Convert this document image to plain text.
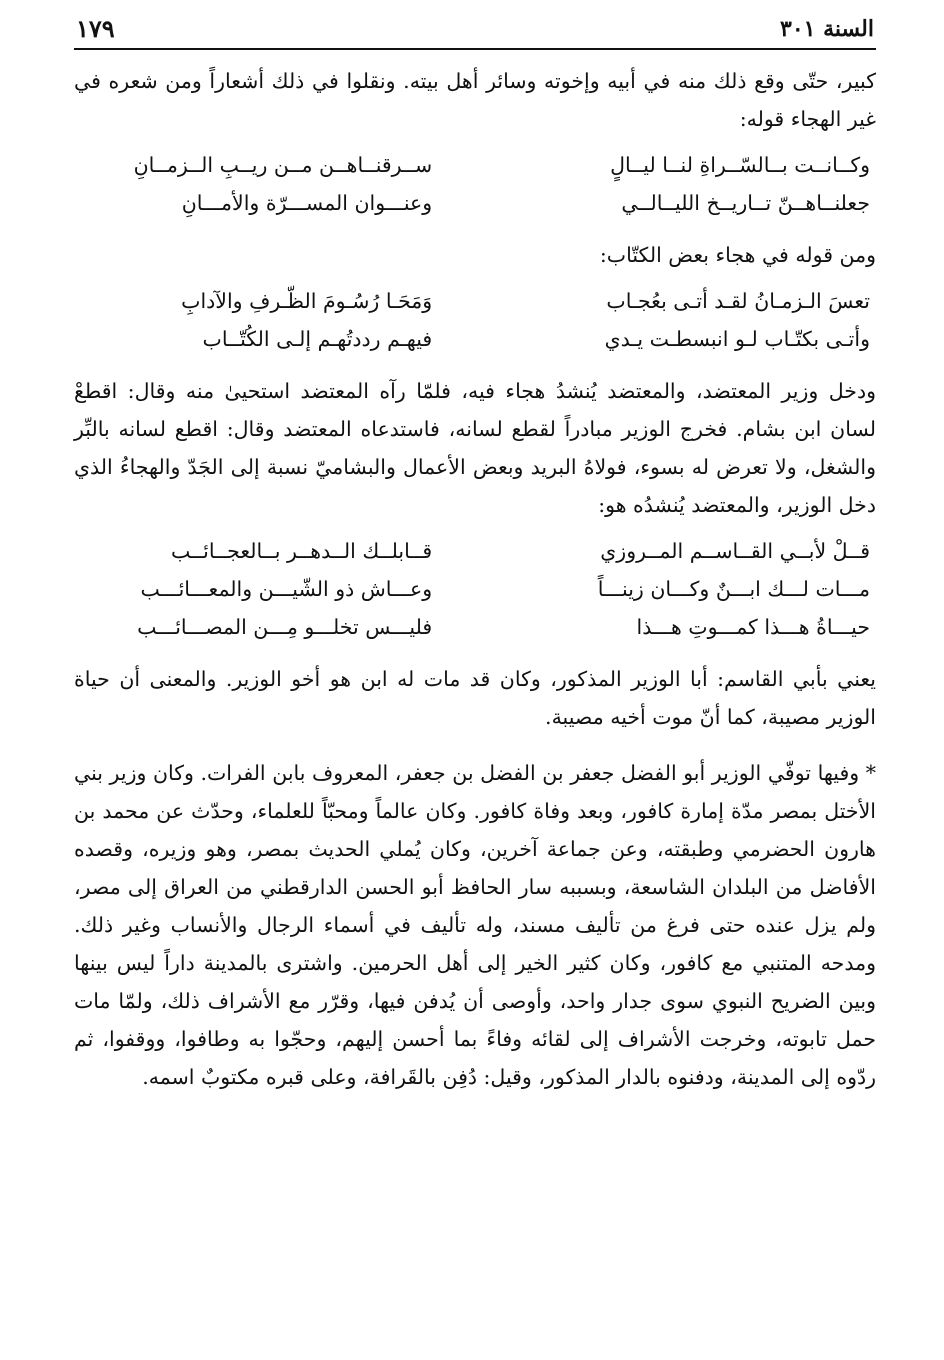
السنة ٣٠١
١٧٩

كبير، حتّى وقع ذلك منه في أبيه وإخوته وسائر أهل بيته. ونقلوا في ذلك أشعاراً ومن شعره في غير الهجاء قوله:

وكــانــت بــالسّــراةِ لنــا ليــالٍ
ســرقنــاهــن مــن ريــبِ الــزمــانِ
جعلنــاهــنّ تــاريــخ الليــالــي
وعنـــوان المســـرّة والأمـــانِ
ومن قوله في هجاء بعض الكتّاب:
تعسَ الـزمـانُ لقـد أتـى بعُجـاب
وَمَحَـا رُسُـومَ الظّـرفِ والآدابِ
وأتـى بكتّـاب لـو انبسطـت يـدي
فيهـم رددتُهـم إلـى الكُتّــاب

ودخل وزير المعتضد، والمعتضد يُنشدُ هجاء فيه، فلمّا رآه المعتضد استحيىٰ منه وقال: اقطعْ لسان ابن بشام. فخرج الوزير مبادراً لقطع لسانه، فاستدعاه المعتضد وقال: اقطع لسانه بالبِّر والشغل، ولا تعرض له بسوء، فولاهُ البريد وبعض الأعمال والبشاميّ نسبة إلى الجَدّ والهجاءُ الذي دخل الوزير، والمعتضد يُنشدُه هو:

قــلْ لأبــي القــاســم المــروزي
قــابلــك الــدهــر بــالعجــائــب
مـــات لـــك ابـــنٌ وكـــان زينـــاً
وعـــاش ذو الشّيـــن والمعـــائـــب
حيـــاةُ هـــذا كمـــوتِ هـــذا
فليـــس تخلـــو مِـــن المصـــائـــب

يعني بأبي القاسم: أبا الوزير المذكور، وكان قد مات له ابن هو أخو الوزير. والمعنى أن حياة الوزير مصيبة، كما أنّ موت أخيه مصيبة.

* وفيها توفّي الوزير أبو الفضل جعفر بن الفضل بن جعفر، المعروف بابن الفرات. وكان وزير بني الأختل بمصر مدّة إمارة كافور، وبعد وفاة كافور. وكان عالماً ومحبّاً للعلماء، وحدّث عن محمد بن هارون الحضرمي وطبقته، وعن جماعة آخرين، وكان يُملي الحديث بمصر، وهو وزيره، وقصده الأفاضل من البلدان الشاسعة، وبسببه سار الحافظ أبو الحسن الدارقطني من العراق إلى مصر، ولم يزل عنده حتى فرغ من تأليف مسند، وله تأليف في أسماء الرجال والأنساب وغير ذلك. ومدحه المتنبي مع كافور، وكان كثير الخير إلى أهل الحرمين. واشترى بالمدينة داراً ليس بينها وبين الضريح النبوي سوى جدار واحد، وأوصى أن يُدفن فيها، وقرّر مع الأشراف ذلك، ولمّا مات حمل تابوته، وخرجت الأشراف إلى لقائه وفاءً بما أحسن إليهم، وحجّوا به وطافوا، ووقفوا، ثم ردّوه إلى المدينة، ودفنوه بالدار المذكور، وقيل: دُفِن بالقَرافة، وعلى قبره مكتوبٌ اسمه.
